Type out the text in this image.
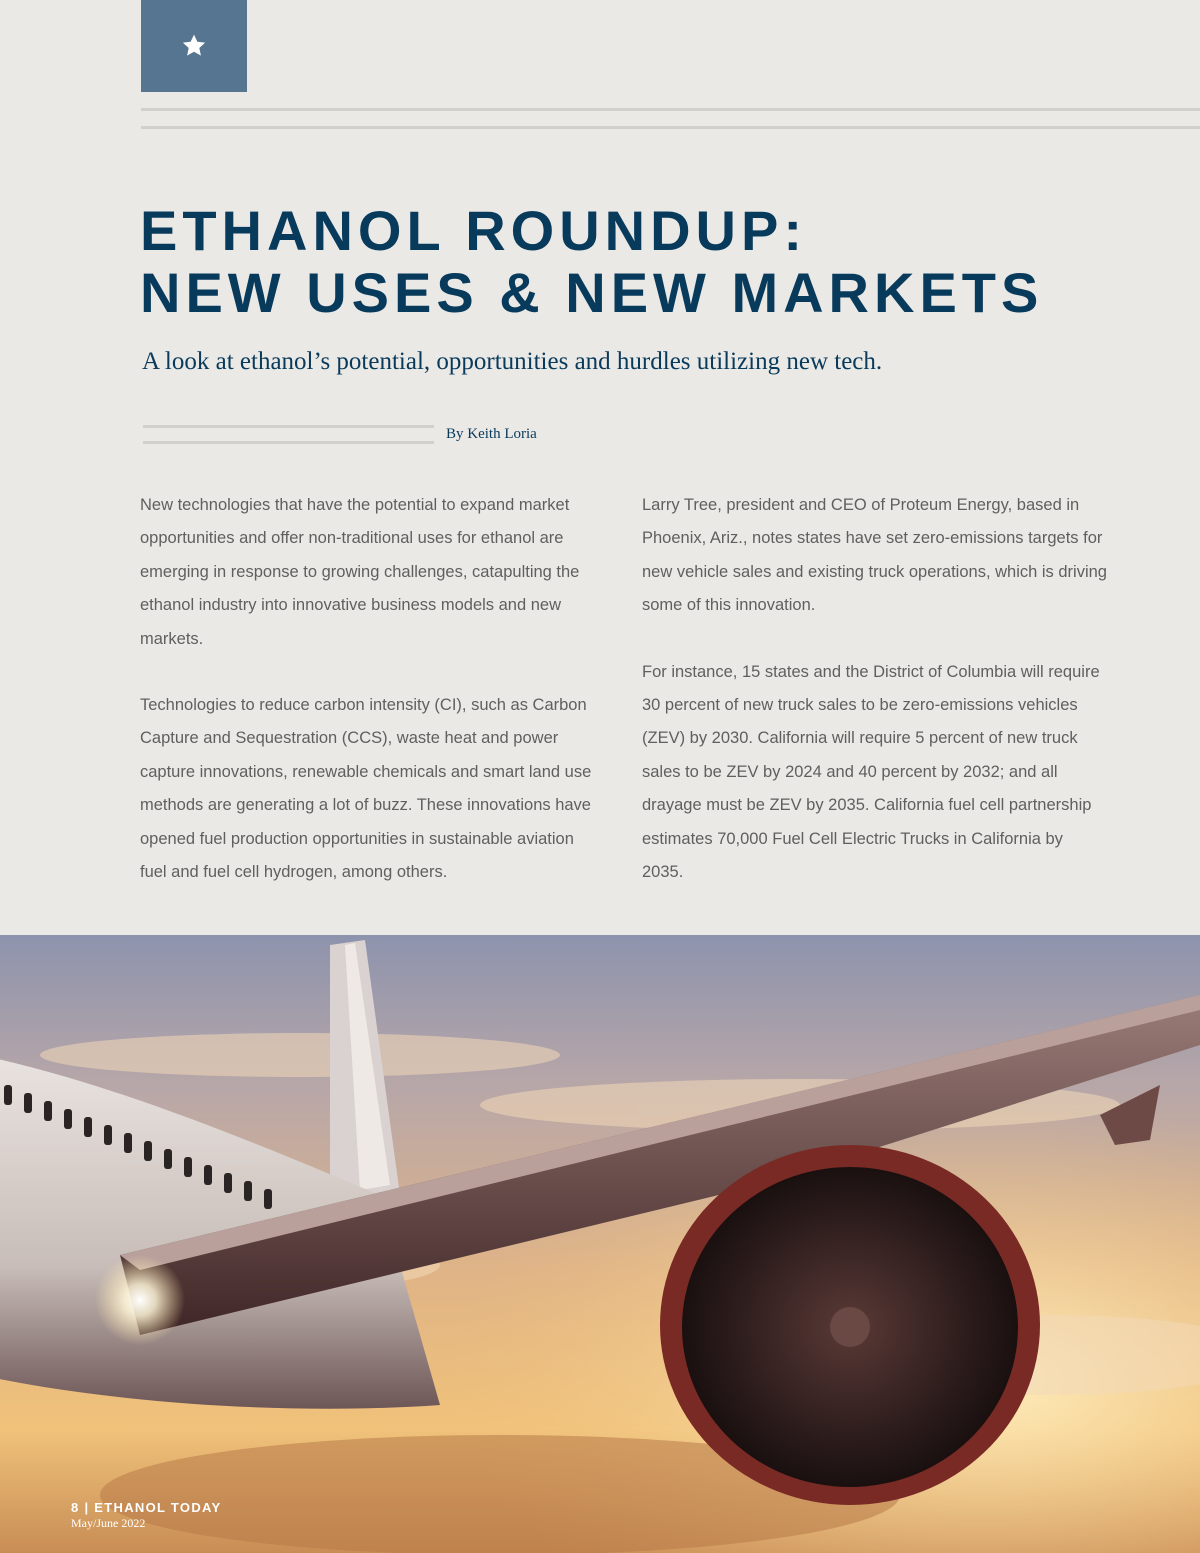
ETHANOL ROUNDUP:
NEW USES & NEW MARKETS

A look at ethanol’s potential, opportunities and hurdles utilizing new tech.

By Keith Loria

New technologies that have the potential to expand market opportunities and offer non-traditional uses for ethanol are emerging in response to growing challenges, catapulting the ethanol industry into innovative business models and new markets.

Technologies to reduce carbon intensity (CI), such as Carbon Capture and Sequestration (CCS), waste heat and power capture innovations, renewable chemicals and smart land use methods are generating a lot of buzz. These innovations have opened fuel production opportunities in sustainable aviation fuel and fuel cell hydrogen, among others.

Larry Tree, president and CEO of Proteum Energy, based in Phoenix, Ariz., notes states have set zero-emissions targets for new vehicle sales and existing truck operations, which is driving some of this innovation.

For instance, 15 states and the District of Columbia will require 30 percent of new truck sales to be zero-emissions vehicles (ZEV) by 2030. California will require 5 percent of new truck sales to be ZEV by 2024 and 40 percent by 2032; and all drayage must be ZEV by 2035. California fuel cell partnership estimates 70,000 Fuel Cell Electric Trucks in California by 2035.

8 | ETHANOL TODAY
May/June 2022
